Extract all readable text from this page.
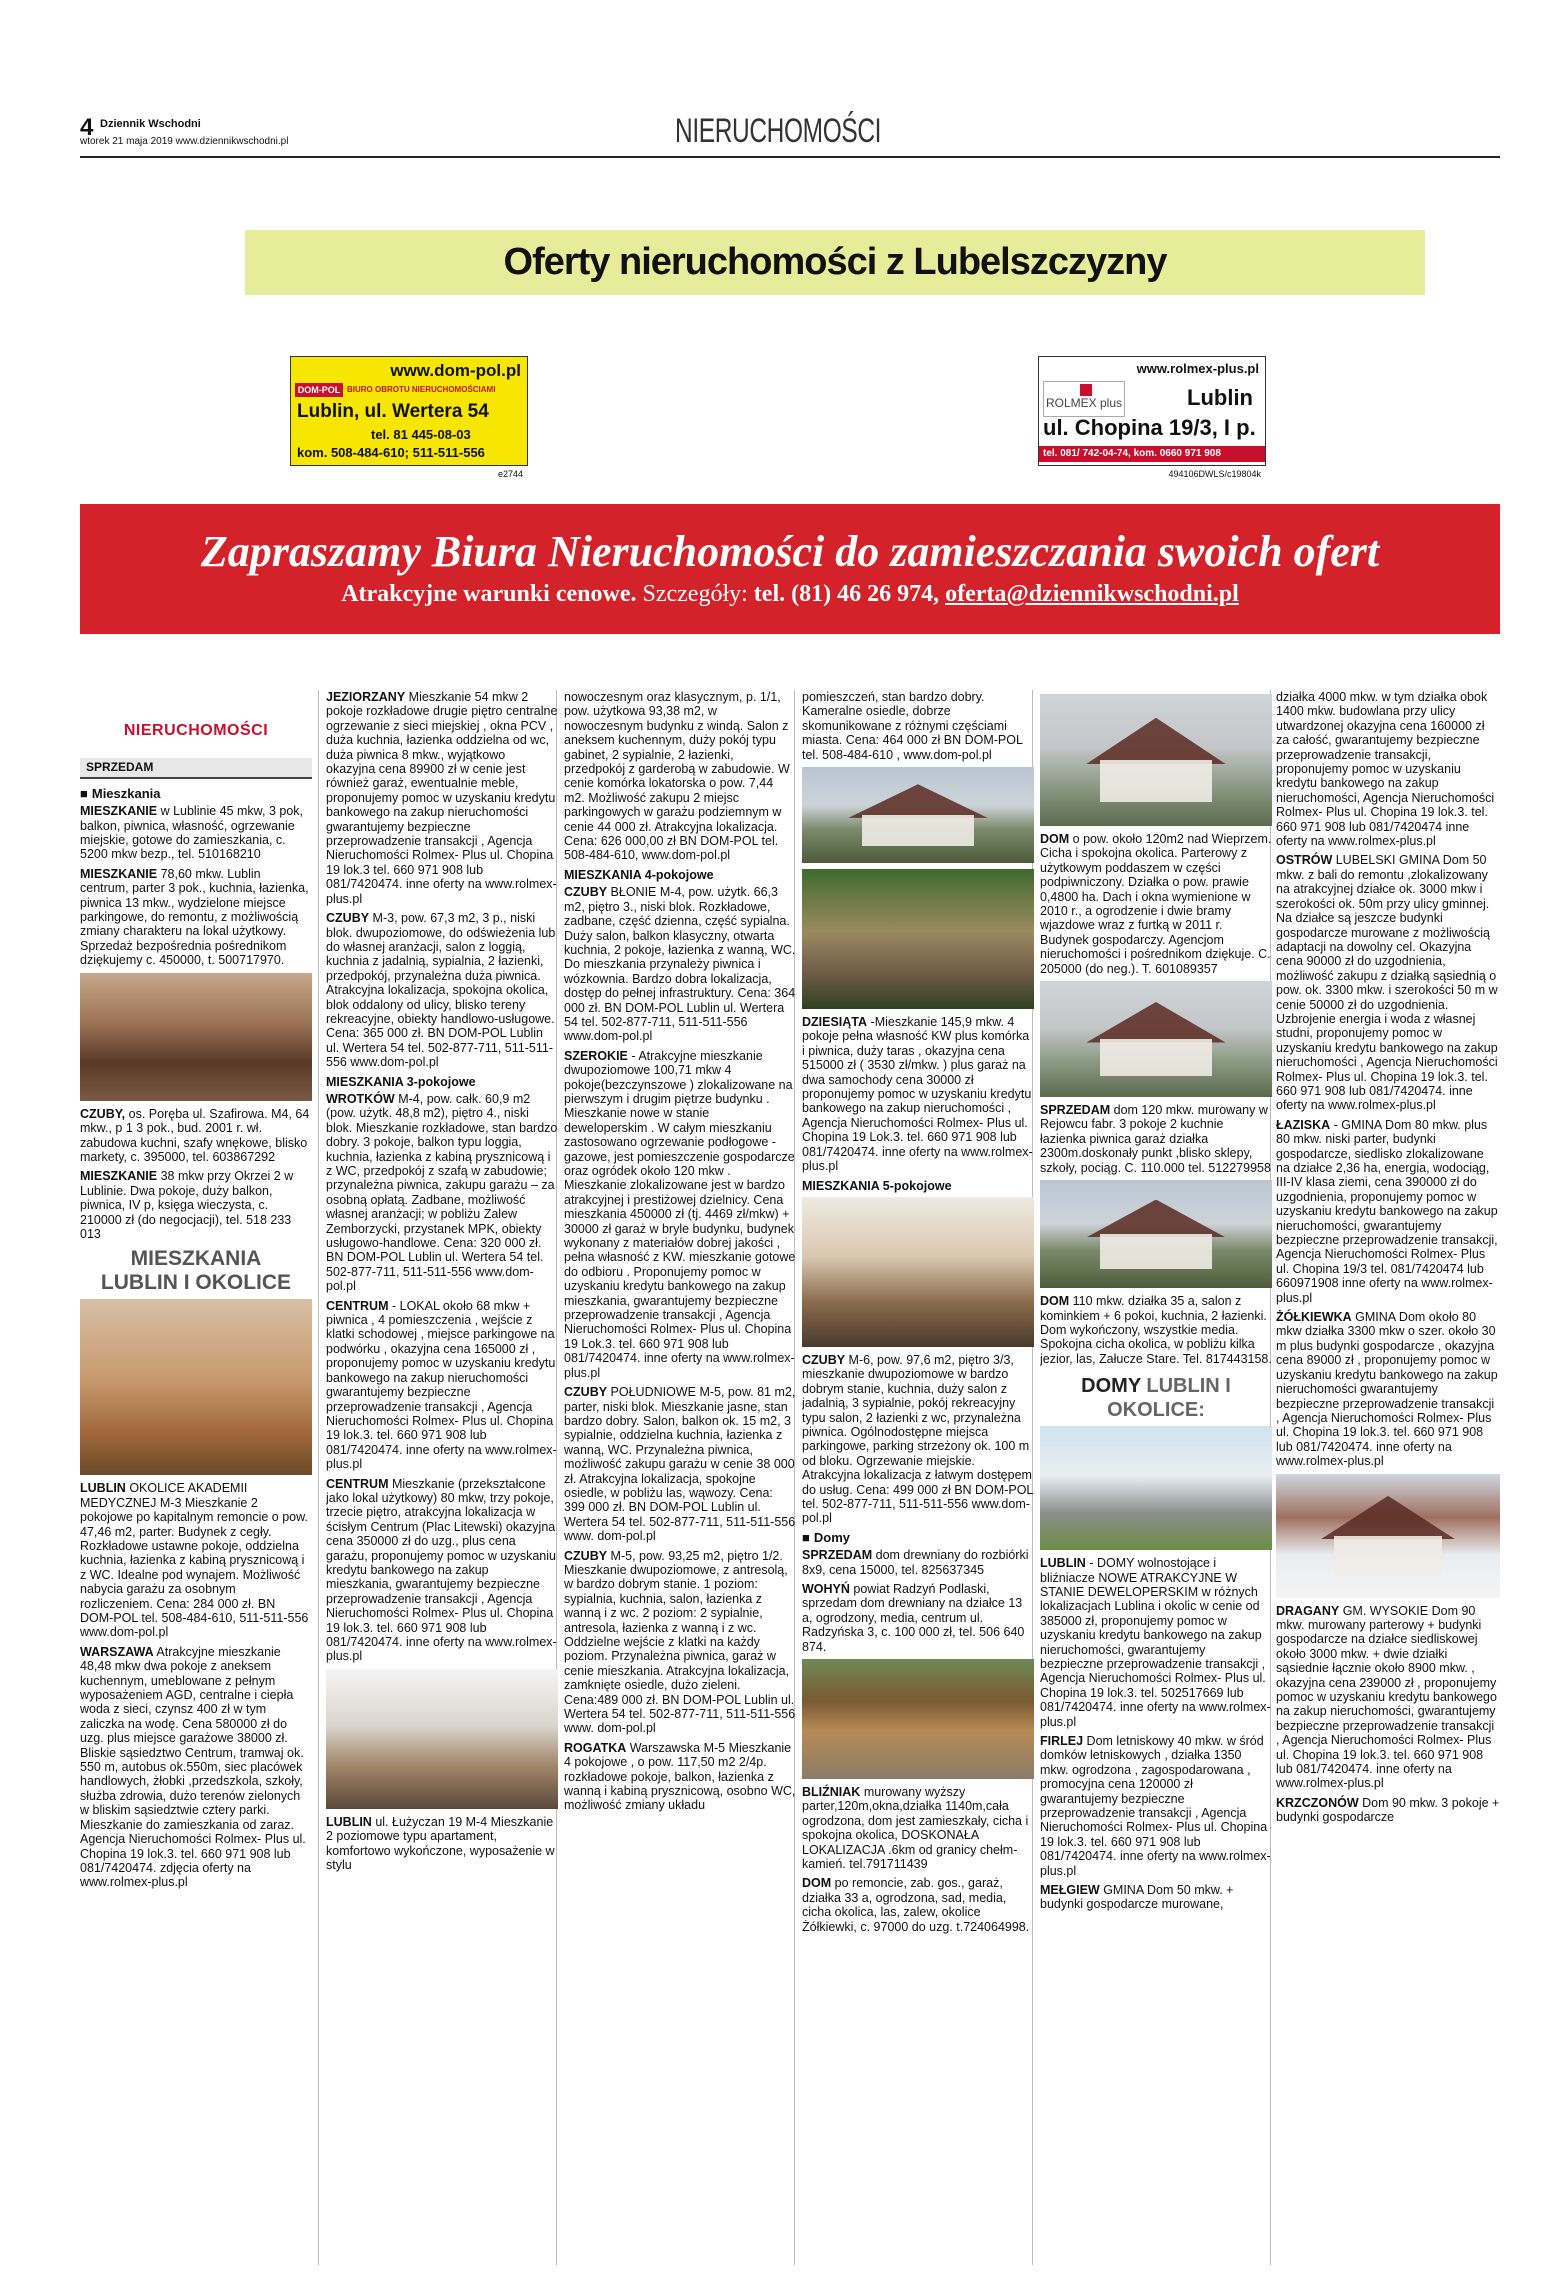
4 Dziennik Wschodni
wtorek 21 maja 2019 www.dziennikwschodni.pl	NIERUCHOMOŚCI
Oferty nieruchomości z Lubelszczyzny
www.dom-pol.pl
DOM-POL BIURO OBROTU NIERUCHOMOŚCIAMI
Lublin, ul. Wertera 54
tel. 81 445-08-03
kom. 508-484-610; 511-511-556
e2744
ROLMEX plus
www.rolmex-plus.pl
Lublin
ul. Chopina 19/3, I p.
tel. 081/ 742-04-74, kom. 0660 971 908
494106DWLS/c19804k
Zapraszamy Biura Nieruchomości do zamieszczania swoich ofert
Atrakcyjne warunki cenowe. Szczegóły: tel. (81) 46 26 974, oferta@dziennikwschodni.pl
NIERUCHOMOŚCI
SPRZEDAM
■ Mieszkania

MIESZKANIE w Lublinie 45 mkw, 3 pok, balkon, piwnica, własność, ogrzewanie miejskie, gotowe do zamieszkania, c. 5200 mkw bezp., tel. 510168210

MIESZKANIE 78,60 mkw. Lublin centrum, parter 3 pok., kuchnia, łazienka, piwnica 13 mkw., wydzielone miejsce parkingowe, do remontu, z możliwością zmiany charakteru na lokal użytkowy. Sprzedaż bezpośrednia pośrednikom dziękujemy c. 450000, t. 500717970.

CZUBY, os. Poręba ul. Szafirowa. M4, 64 mkw., p 1 3 pok., bud. 2001 r. wł. zabudowa kuchni, szafy wnękowe, blisko markety, c. 395000, tel. 603867292

MIESZKANIE 38 mkw przy Okrzei 2 w Lublinie. Dwa pokoje, duży balkon, piwnica, IV p, księga wieczysta, c. 210000 zł (do negocjacji), tel. 518 233 013

MIESZKANIA
LUBLIN I OKOLICE

LUBLIN OKOLICE AKADEMII MEDYCZNEJ M-3 Mieszkanie 2 pokojowe po kapitalnym remoncie o pow. 47,46 m2, parter. Budynek z cegły. Rozkładowe ustawne pokoje, oddzielna kuchnia, łazienka z kabiną prysznicową i z WC. Idealne pod wynajem. Możliwość nabycia garażu za osobnym rozliczeniem. Cena: 284 000 zł. BN DOM-POL tel. 508-484-610, 511-511-556 www.dom-pol.pl

WARSZAWA Atrakcyjne mieszkanie 48,48 mkw dwa pokoje z aneksem kuchennym, umeblowane z pełnym wyposażeniem AGD, centralne i ciepła woda z sieci, czynsz 400 zł w tym zaliczka na wodę. Cena 580000 zł do uzg. plus miejsce garażowe 38000 zł. Bliskie sąsiedztwo Centrum, tramwaj ok. 550 m, autobus ok.550m, siec placówek handlowych, żłobki ,przedszkola, szkoły, służba zdrowia, dużo terenów zielonych w bliskim sąsiedztwie cztery parki. Mieszkanie do zamieszkania od zaraz. Agencja Nieruchomości Rolmex- Plus ul. Chopina 19 lok.3. tel. 660 971 908 lub 081/7420474. zdjęcia oferty na www.rolmex-plus.pl

JEZIORZANY Mieszkanie 54 mkw 2 pokoje rozkładowe drugie piętro centralne ogrzewanie z sieci miejskiej , okna PCV , duża kuchnia, łazienka oddzielna od wc, duża piwnica 8 mkw., wyjątkowo okazyjna cena 89900 zł w cenie jest również garaż, ewentualnie meble, proponujemy pomoc w uzyskaniu kredytu bankowego na zakup nieruchomości gwarantujemy bezpieczne przeprowadzenie transakcji , Agencja Nieruchomości Rolmex- Plus ul. Chopina 19 lok.3 tel. 660 971 908 lub 081/7420474. inne oferty na www.rolmex-plus.pl

CZUBY M-3, pow. 67,3 m2, 3 p., niski blok. dwupoziomowe, do odświeżenia lub do własnej aranżacji, salon z loggią, kuchnia z jadalnią, sypialnia, 2 łazienki, przedpokój, przynależna duża piwnica. Atrakcyjna lokalizacja, spokojna okolica, blok oddalony od ulicy, blisko tereny rekreacyjne, obiekty handlowo-usługowe. Cena: 365 000 zł. BN DOM-POL Lublin ul. Wertera 54 tel. 502-877-711, 511-511-556 www.dom-pol.pl

MIESZKANIA 3-pokojowe

WROTKÓW M-4, pow. całk. 60,9 m2 (pow. użytk. 48,8 m2), piętro 4., niski blok. Mieszkanie rozkładowe, stan bardzo dobry. 3 pokoje, balkon typu loggia, kuchnia, łazienka z kabiną prysznicową i z WC, przedpokój z szafą w zabudowie; przynależna piwnica, zakupu garażu – za osobną opłatą. Zadbane, możliwość własnej aranżacji; w pobliżu Zalew Zemborzycki, przystanek MPK, obiekty usługowo-handlowe. Cena: 320 000 zł. BN DOM-POL Lublin ul. Wertera 54 tel. 502-877-711, 511-511-556 www.dom-pol.pl

CENTRUM - LOKAL około 68 mkw + piwnica , 4 pomieszczenia , wejście z klatki schodowej , miejsce parkingowe na podwórku , okazyjna cena 165000 zł , proponujemy pomoc w uzyskaniu kredytu bankowego na zakup nieruchomości gwarantujemy bezpieczne przeprowadzenie transakcji , Agencja Nieruchomości Rolmex- Plus ul. Chopina 19 lok.3. tel. 660 971 908 lub 081/7420474. inne oferty na www.rolmex-plus.pl

CENTRUM Mieszkanie (przekształcone jako lokal użytkowy) 80 mkw, trzy pokoje, trzecie piętro, atrakcyjna lokalizacja w ścisłym Centrum (Plac Litewski) okazyjna cena 350000 zł do uzg., plus cena garażu, proponujemy pomoc w uzyskaniu kredytu bankowego na zakup mieszkania, gwarantujemy bezpieczne przeprowadzenie transakcji , Agencja Nieruchomości Rolmex- Plus ul. Chopina 19 lok.3. tel. 660 971 908 lub 081/7420474. inne oferty na www.rolmex-plus.pl

LUBLIN ul. Łużyczan 19 M-4 Mieszkanie 2 poziomowe typu apartament, komfortowo wykończone, wyposażenie w stylu

nowoczesnym oraz klasycznym, p. 1/1, pow. użytkowa 93,38 m2, w nowoczesnym budynku z windą. Salon z aneksem kuchennym, duży pokój typu gabinet, 2 sypialnie, 2 łazienki, przedpokój z garderobą w zabudowie. W cenie komórka lokatorska o pow. 7,44 m2. Możliwość zakupu 2 miejsc parkingowych w garażu podziemnym w cenie 44 000 zł. Atrakcyjna lokalizacja. Cena: 626 000,00 zł BN DOM-POL tel. 508-484-610, www.dom-pol.pl

MIESZKANIA 4-pokojowe

CZUBY BŁONIE M-4, pow. użytk. 66,3 m2, piętro 3., niski blok. Rozkładowe, zadbane, część dzienna, część sypialna. Duży salon, balkon klasyczny, otwarta kuchnia, 2 pokoje, łazienka z wanną, WC. Do mieszkania przynależy piwnica i wózkownia. Bardzo dobra lokalizacja, dostęp do pełnej infrastruktury. Cena: 364 000 zł. BN DOM-POL Lublin ul. Wertera 54 tel. 502-877-711, 511-511-556 www.dom-pol.pl

SZEROKIE - Atrakcyjne mieszkanie dwupoziomowe 100,71 mkw 4 pokoje(bezczynszowe ) zlokalizowane na pierwszym i drugim piętrze budynku . Mieszkanie nowe w stanie deweloperskim . W całym mieszkaniu zastosowano ogrzewanie podłogowe - gazowe, jest pomieszczenie gospodarcze oraz ogródek około 120 mkw . Mieszkanie zlokalizowane jest w bardzo atrakcyjnej i prestiżowej dzielnicy. Cena mieszkania 450000 zł (tj. 4469 zł/mkw) + 30000 zł garaż w bryle budynku, budynek wykonany z materiałów dobrej jakości , pełna własność z KW. mieszkanie gotowe do odbioru . Proponujemy pomoc w uzyskaniu kredytu bankowego na zakup mieszkania, gwarantujemy bezpieczne przeprowadzenie transakcji , Agencja Nieruchomości Rolmex- Plus ul. Chopina 19 Lok.3. tel. 660 971 908 lub 081/7420474. inne oferty na www.rolmex-plus.pl

CZUBY POŁUDNIOWE M-5, pow. 81 m2, parter, niski blok. Mieszkanie jasne, stan bardzo dobry. Salon, balkon ok. 15 m2, 3 sypialnie, oddzielna kuchnia, łazienka z wanną, WC. Przynależna piwnica, możliwość zakupu garażu w cenie 38 000 zł. Atrakcyjna lokalizacja, spokojne osiedle, w pobliżu las, wąwozy. Cena: 399 000 zł. BN DOM-POL Lublin ul. Wertera 54 tel. 502-877-711, 511-511-556 www. dom-pol.pl

CZUBY M-5, pow. 93,25 m2, piętro 1/2. Mieszkanie dwupoziomowe, z antresolą, w bardzo dobrym stanie. 1 poziom: sypialnia, kuchnia, salon, łazienka z wanną i z wc. 2 poziom: 2 sypialnie, antresola, łazienka z wanną i z wc. Oddzielne wejście z klatki na każdy poziom. Przynależna piwnica, garaż w cenie mieszkania. Atrakcyjna lokalizacja, zamknięte osiedle, dużo zieleni. Cena:489 000 zł. BN DOM-POL Lublin ul. Wertera 54 tel. 502-877-711, 511-511-556 www. dom-pol.pl

ROGATKA Warszawska M-5 Mieszkanie 4 pokojowe , o pow. 117,50 m2 2/4p. rozkładowe pokoje, balkon, łazienka z wanną i kabiną prysznicową, osobno WC, możliwość zmiany układu

pomieszczeń, stan bardzo dobry. Kameralne osiedle, dobrze skomunikowane z różnymi częściami miasta. Cena: 464 000 zł BN DOM-POL tel. 508-484-610 , www.dom-pol.pl

DZIESIĄTA -Mieszkanie 145,9 mkw. 4 pokoje pełna własność KW plus komórka i piwnica, duży taras , okazyjna cena 515000 zł ( 3530 zł/mkw. ) plus garaż na dwa samochody cena 30000 zł proponujemy pomoc w uzyskaniu kredytu bankowego na zakup nieruchomości , Agencja Nieruchomości Rolmex- Plus ul. Chopina 19 Lok.3. tel. 660 971 908 lub 081/7420474. inne oferty na www.rolmex-plus.pl

MIESZKANIA 5-pokojowe

CZUBY M-6, pow. 97,6 m2, piętro 3/3, mieszkanie dwupoziomowe w bardzo dobrym stanie, kuchnia, duży salon z jadalnią, 3 sypialnie, pokój rekreacyjny typu salon, 2 łazienki z wc, przynależna piwnica. Ogólnodostępne miejsca parkingowe, parking strzeżony ok. 100 m od bloku. Ogrzewanie miejskie. Atrakcyjna lokalizacja z łatwym dostępem do usług. Cena: 499 000 zł BN DOM-POL tel. 502-877-711, 511-511-556 www.dom-pol.pl

■ Domy

SPRZEDAM dom drewniany do rozbiórki 8x9, cena 15000, tel. 825637345

WOHYŃ powiat Radzyń Podlaski, sprzedam dom drewniany na działce 13 a, ogrodzony, media, centrum ul. Radzyńska 3, c. 100 000 zł, tel. 506 640 874.

BLIŹNIAK murowany wyższy parter,120m,okna,działka 1140m,cała ogrodzona, dom jest zamieszkały, cicha i spokojna okolica, DOSKONAŁA LOKALIZACJA .6km od granicy chełm-kamień. tel.791711439

DOM po remoncie, zab. gos., garaż, działka 33 a, ogrodzona, sad, media, cicha okolica, las, zalew, okolice Żółkiewki, c. 97000 do uzg. t.724064998.

DOM o pow. około 120m2 nad Wieprzem. Cicha i spokojna okolica. Parterowy z użytkowym poddaszem w części podpiwniczony. Działka o pow. prawie 0,4800 ha. Dach i okna wymienione w 2010 r., a ogrodzenie i dwie bramy wjazdowe wraz z furtką w 2011 r. Budynek gospodarczy. Agencjom nieruchomości i pośrednikom dziękuje. C. 205000 (do neg.). T. 601089357

SPRZEDAM dom 120 mkw. murowany w Rejowcu fabr. 3 pokoje 2 kuchnie łazienka piwnica garaż działka 2300m.doskonały punkt ,blisko sklepy, szkoły, pociąg. C. 110.000 tel. 512279958

DOM 110 mkw. działka 35 a, salon z kominkiem + 6 pokoi, kuchnia, 2 łazienki. Dom wykończony, wszystkie media. Spokojna cicha okolica, w pobliżu kilka jezior, las, Załucze Stare. Tel. 817443158.

DOMY LUBLIN I
OKOLICE:

LUBLIN - DOMY wolnostojące i bliźniacze NOWE ATRAKCYJNE W STANIE DEWELOPERSKIM w różnych lokalizacjach Lublina i okolic w cenie od 385000 zł, proponujemy pomoc w uzyskaniu kredytu bankowego na zakup nieruchomości, gwarantujemy bezpieczne przeprowadzenie transakcji , Agencja Nieruchomości Rolmex- Plus ul. Chopina 19 lok.3. tel. 502517669 lub 081/7420474. inne oferty na www.rolmex-plus.pl

FIRLEJ Dom letniskowy 40 mkw. w śród domków letniskowych , działka 1350 mkw. ogrodzona , zagospodarowana , promocyjna cena 120000 zł gwarantujemy bezpieczne przeprowadzenie transakcji , Agencja Nieruchomości Rolmex- Plus ul. Chopina 19 lok.3. tel. 660 971 908 lub 081/7420474. inne oferty na www.rolmex-plus.pl

MEŁGIEW GMINA Dom 50 mkw. + budynki gospodarcze murowane,

działka 4000 mkw. w tym działka obok 1400 mkw. budowlana przy ulicy utwardzonej okazyjna cena 160000 zł za całość, gwarantujemy bezpieczne przeprowadzenie transakcji, proponujemy pomoc w uzyskaniu kredytu bankowego na zakup nieruchomości, Agencja Nieruchomości Rolmex- Plus ul. Chopina 19 lok.3. tel. 660 971 908 lub 081/7420474 inne oferty na www.rolmex-plus.pl

OSTRÓW LUBELSKI GMINA Dom 50 mkw. z bali do remontu ,zlokalizowany na atrakcyjnej działce ok. 3000 mkw i szerokości ok. 50m przy ulicy gminnej. Na działce są jeszcze budynki gospodarcze murowane z możliwością adaptacji na dowolny cel. Okazyjna cena 90000 zł do uzgodnienia, możliwość zakupu z działką sąsiednią o pow. ok. 3300 mkw. i szerokości 50 m w cenie 50000 zł do uzgodnienia. Uzbrojenie energia i woda z własnej studni, proponujemy pomoc w uzyskaniu kredytu bankowego na zakup nieruchomości , Agencja Nieruchomości Rolmex- Plus ul. Chopina 19 lok.3. tel. 660 971 908 lub 081/7420474. inne oferty na www.rolmex-plus.pl

ŁAZISKA - GMINA Dom 80 mkw. plus 80 mkw. niski parter, budynki gospodarcze, siedlisko zlokalizowane na działce 2,36 ha, energia, wodociąg, III-IV klasa ziemi, cena 390000 zł do uzgodnienia, proponujemy pomoc w uzyskaniu kredytu bankowego na zakup nieruchomości, gwarantujemy bezpieczne przeprowadzenie transakcji, Agencja Nieruchomości Rolmex- Plus ul. Chopina 19/3 tel. 081/7420474 lub 660971908 inne oferty na www.rolmex-plus.pl

ŻÓŁKIEWKA GMINA Dom około 80 mkw działka 3300 mkw o szer. około 30 m plus budynki gospodarcze , okazyjna cena 89000 zł , proponujemy pomoc w uzyskaniu kredytu bankowego na zakup nieruchomości gwarantujemy bezpieczne przeprowadzenie transakcji , Agencja Nieruchomości Rolmex- Plus ul. Chopina 19 lok.3. tel. 660 971 908 lub 081/7420474. inne oferty na www.rolmex-plus.pl

DRAGANY GM. WYSOKIE Dom 90 mkw. murowany parterowy + budynki gospodarcze na działce siedliskowej około 3000 mkw. + dwie działki sąsiednie łącznie około 8900 mkw. , okazyjna cena 239000 zł , proponujemy pomoc w uzyskaniu kredytu bankowego na zakup nieruchomości, gwarantujemy bezpieczne przeprowadzenie transakcji , Agencja Nieruchomości Rolmex- Plus ul. Chopina 19 lok.3. tel. 660 971 908 lub 081/7420474. inne oferty na www.rolmex-plus.pl

KRZCZONÓW Dom 90 mkw. 3 pokoje + budynki gospodarcze
